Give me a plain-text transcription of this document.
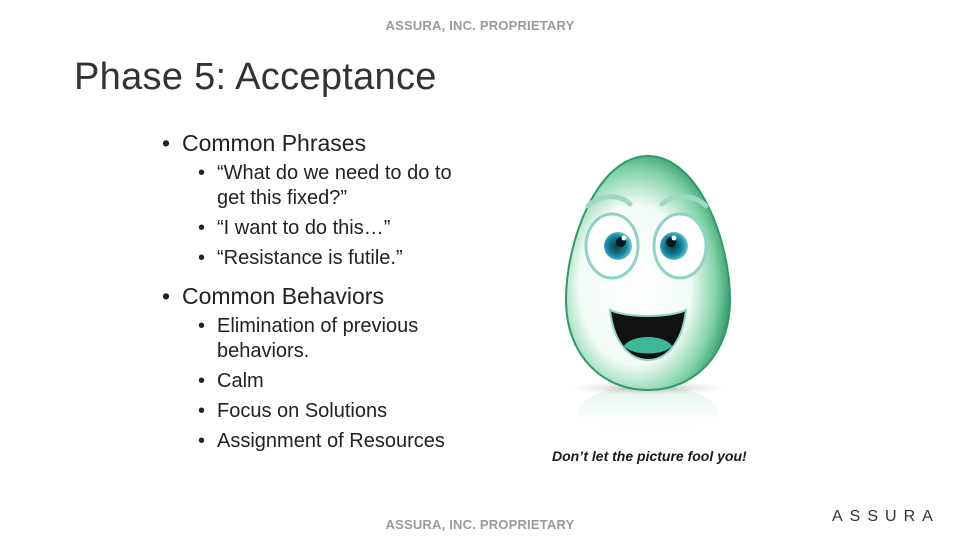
ASSURA, INC. PROPRIETARY
Phase 5: Acceptance
• Common Phrases
• “What do we need to do to get this fixed?”
• “I want to do this…”
• “Resistance is futile.”
• Common Behaviors
• Elimination of previous behaviors.
• Calm
• Focus on Solutions
• Assignment of Resources
Don’t let the picture fool you!
ASSURA, INC. PROPRIETARY	ASSURA
